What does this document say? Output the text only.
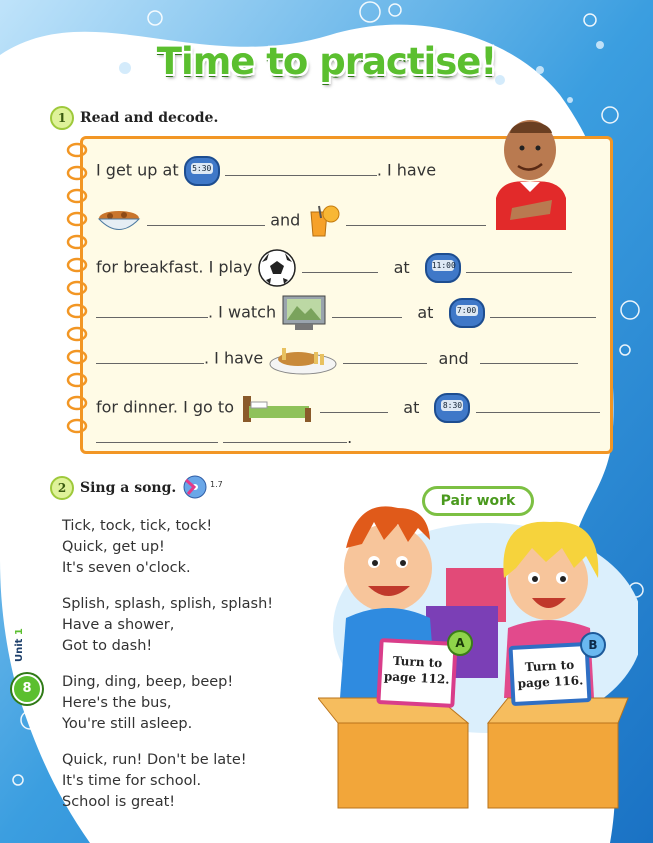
Time to practise!
1 Read and decode.
I get up at 5:30	. I have
and
for breakfast. I play	at	11:00

. I watch	at	7:00

. I have	and
for dinner. I go to	at	8:30

.
2 Sing a song.	1.7

Tick, tock, tick, tock!
Quick, get up!
It's seven o'clock.

Splish, splash, splish, splash!
Have a shower,
Got to dash!

Ding, ding, beep, beep!
Here's the bus,
You're still asleep.

Quick, run! Don't be late!
It's time for school.
School is great!

Unit 1
8
Pair work
Turn to
page 112.
A
Turn to
page 116.
B
